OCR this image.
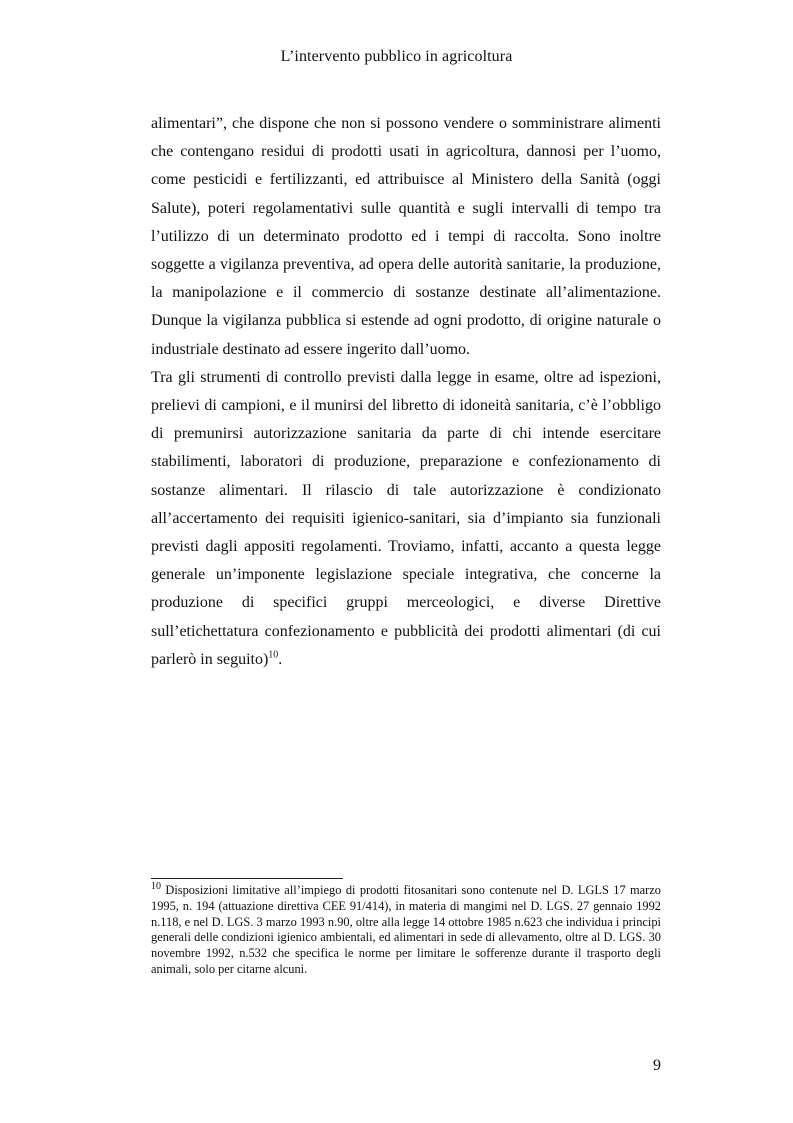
L’intervento pubblico in agricoltura

alimentari”, che dispone che non si possono vendere o somministrare alimenti che contengano residui di prodotti usati in agricoltura, dannosi per l’uomo, come pesticidi e fertilizzanti, ed attribuisce al Ministero della Sanità (oggi Salute), poteri regolamentativi sulle quantità e sugli intervalli di tempo tra l’utilizzo di un determinato prodotto ed i tempi di raccolta. Sono inoltre soggette a vigilanza preventiva, ad opera delle autorità sanitarie, la produzione, la manipolazione e il commercio di sostanze destinate all’alimentazione. Dunque la vigilanza pubblica si estende ad ogni prodotto, di origine naturale o industriale destinato ad essere ingerito dall’uomo.

Tra gli strumenti di controllo previsti dalla legge in esame, oltre ad ispezioni, prelievi di campioni, e il munirsi del libretto di idoneità sanitaria, c’è l’obbligo di premunirsi autorizzazione sanitaria da parte di chi intende esercitare stabilimenti, laboratori di produzione, preparazione e confezionamento di sostanze alimentari. Il rilascio di tale autorizzazione è condizionato all’accertamento dei requisiti igienico-sanitari, sia d’impianto sia funzionali previsti dagli appositi regolamenti. Troviamo, infatti, accanto a questa legge generale un’imponente legislazione speciale integrativa, che concerne la produzione di specifici gruppi merceologici, e diverse Direttive sull’etichettatura confezionamento e pubblicità dei prodotti alimentari (di cui parlerò in seguito)$^{10}$.

$^{10}$ Disposizioni limitative all’impiego di prodotti fitosanitari sono contenute nel D. LGLS 17 marzo 1995, n. 194 (attuazione direttiva CEE 91/414), in materia di mangimi nel D. LGS. 27 gennaio 1992 n.118, e nel D. LGS. 3 marzo 1993 n.90, oltre alla legge 14 ottobre 1985 n.623 che individua i principi generali delle condizioni igienico ambientali, ed alimentari in sede di allevamento, oltre al D. LGS. 30 novembre 1992, n.532 che specifica le norme per limitare le sofferenze durante il trasporto degli animali, solo per citarne alcuni.
9
